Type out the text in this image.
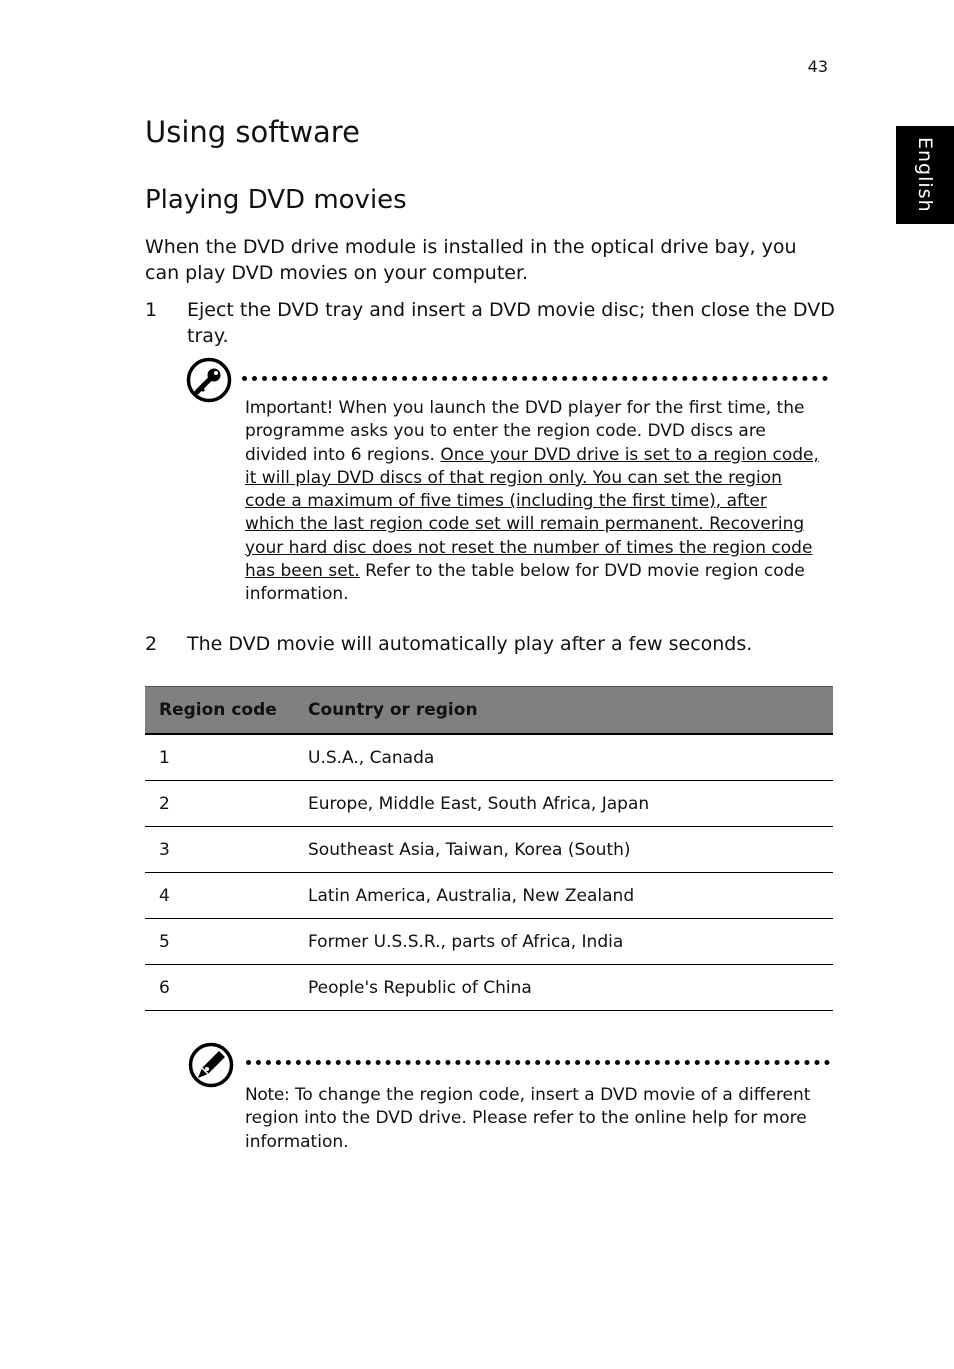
43
English
Using software
Playing DVD movies

When the DVD drive module is installed in the optical drive bay, you can play DVD movies on your computer.

1	Eject the DVD tray and insert a DVD movie disc; then close the DVD tray.

Important! When you launch the DVD player for the first time, the programme asks you to enter the region code. DVD discs are divided into 6 regions. Once your DVD drive is set to a region code, it will play DVD discs of that region only. You can set the region code a maximum of five times (including the first time), after which the last region code set will remain permanent. Recovering your hard disc does not reset the number of times the region code has been set. Refer to the table below for DVD movie region code information.

2	The DVD movie will automatically play after a few seconds.
Region code	Country or region
1	U.S.A., Canada
2	Europe, Middle East, South Africa, Japan
3	Southeast Asia, Taiwan, Korea (South)
4	Latin America, Australia, New Zealand
5	Former U.S.S.R., parts of Africa, India
6	People's Republic of China

Note: To change the region code, insert a DVD movie of a different region into the DVD drive. Please refer to the online help for more information.
